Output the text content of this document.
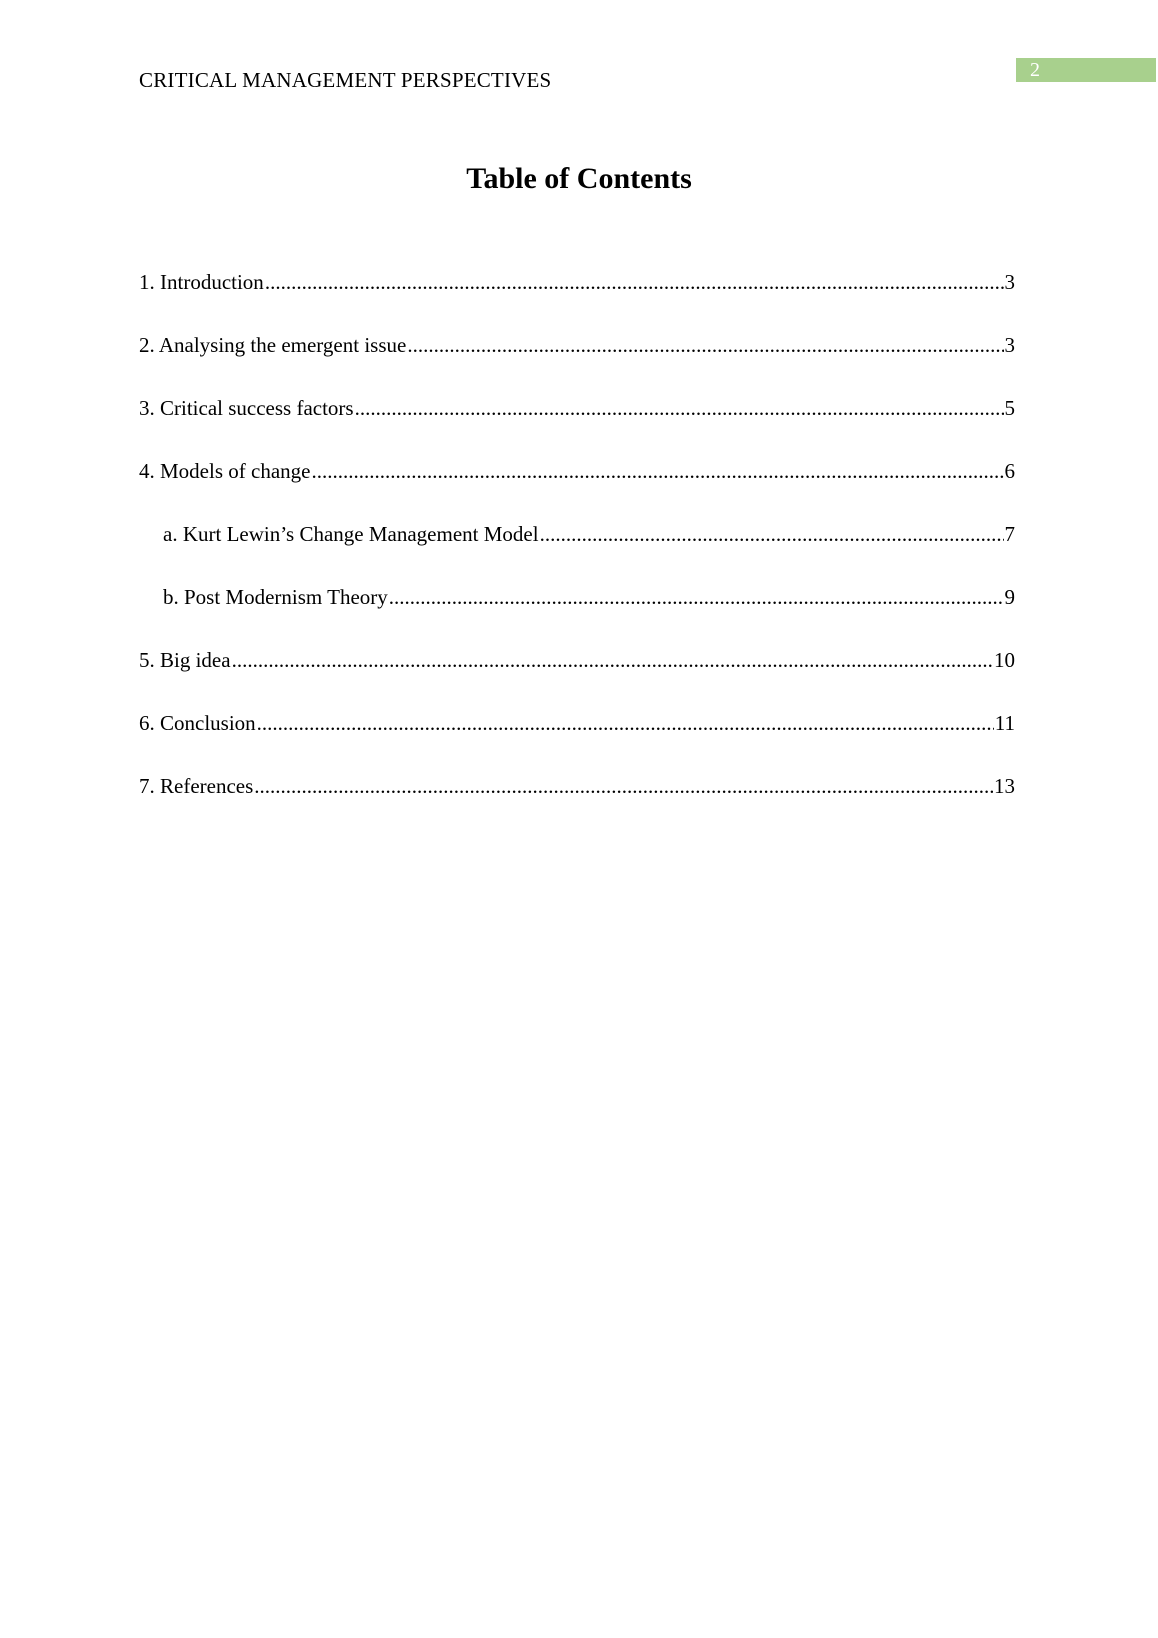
CRITICAL MANAGEMENT PERSPECTIVES	2
Table of Contents
1. Introduction .....	3
2. Analysing the emergent issue .....	3
3. Critical success factors .....	5
4. Models of change .....	6
a. Kurt Lewin’s Change Management Model .....	7
b. Post Modernism Theory .....	9
5. Big idea .....	10
6. Conclusion .....	11
7. References .....	13
